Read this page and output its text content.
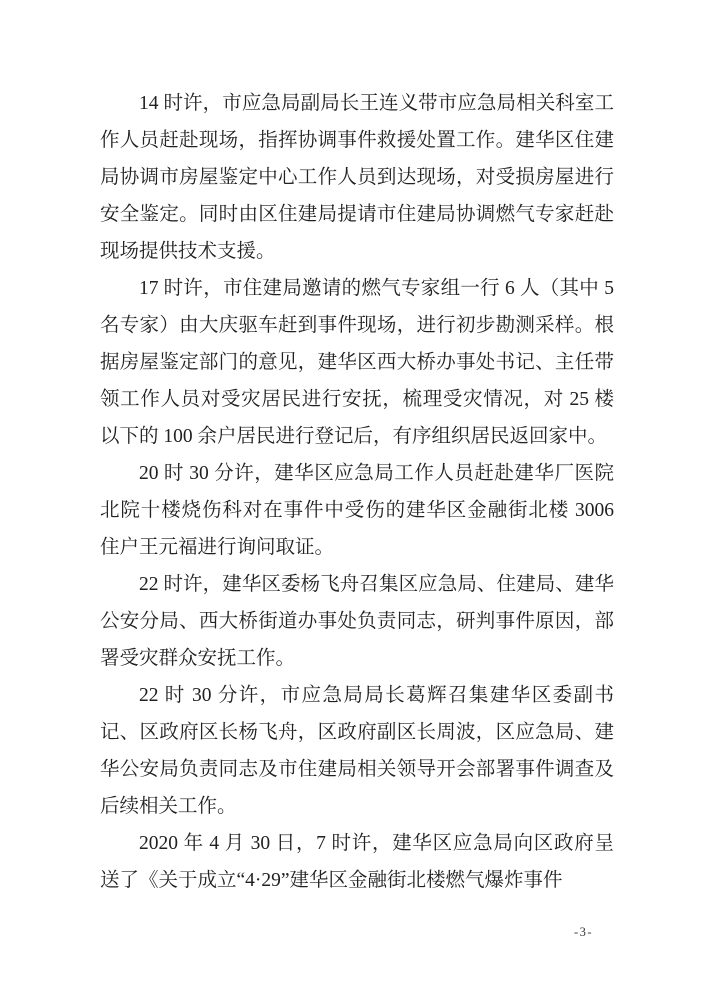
14 时许，市应急局副局长王连义带市应急局相关科室工作人员赶赴现场，指挥协调事件救援处置工作。建华区住建局协调市房屋鉴定中心工作人员到达现场，对受损房屋进行安全鉴定。同时由区住建局提请市住建局协调燃气专家赶赴现场提供技术支援。

17 时许，市住建局邀请的燃气专家组一行 6 人（其中 5 名专家）由大庆驱车赶到事件现场，进行初步勘测采样。根据房屋鉴定部门的意见，建华区西大桥办事处书记、主任带领工作人员对受灾居民进行安抚，梳理受灾情况，对 25 楼以下的 100 余户居民进行登记后，有序组织居民返回家中。

20 时 30 分许，建华区应急局工作人员赶赴建华厂医院北院十楼烧伤科对在事件中受伤的建华区金融街北楼 3006 住户王元福进行询问取证。

22 时许，建华区委杨飞舟召集区应急局、住建局、建华公安分局、西大桥街道办事处负责同志，研判事件原因，部署受灾群众安抚工作。

22 时 30 分许，市应急局局长葛辉召集建华区委副书记、区政府区长杨飞舟，区政府副区长周波，区应急局、建华公安局负责同志及市住建局相关领导开会部署事件调查及后续相关工作。

2020 年 4 月 30 日，7 时许，建华区应急局向区政府呈送了《关于成立“4·29”建华区金融街北楼燃气爆炸事件

-3-
